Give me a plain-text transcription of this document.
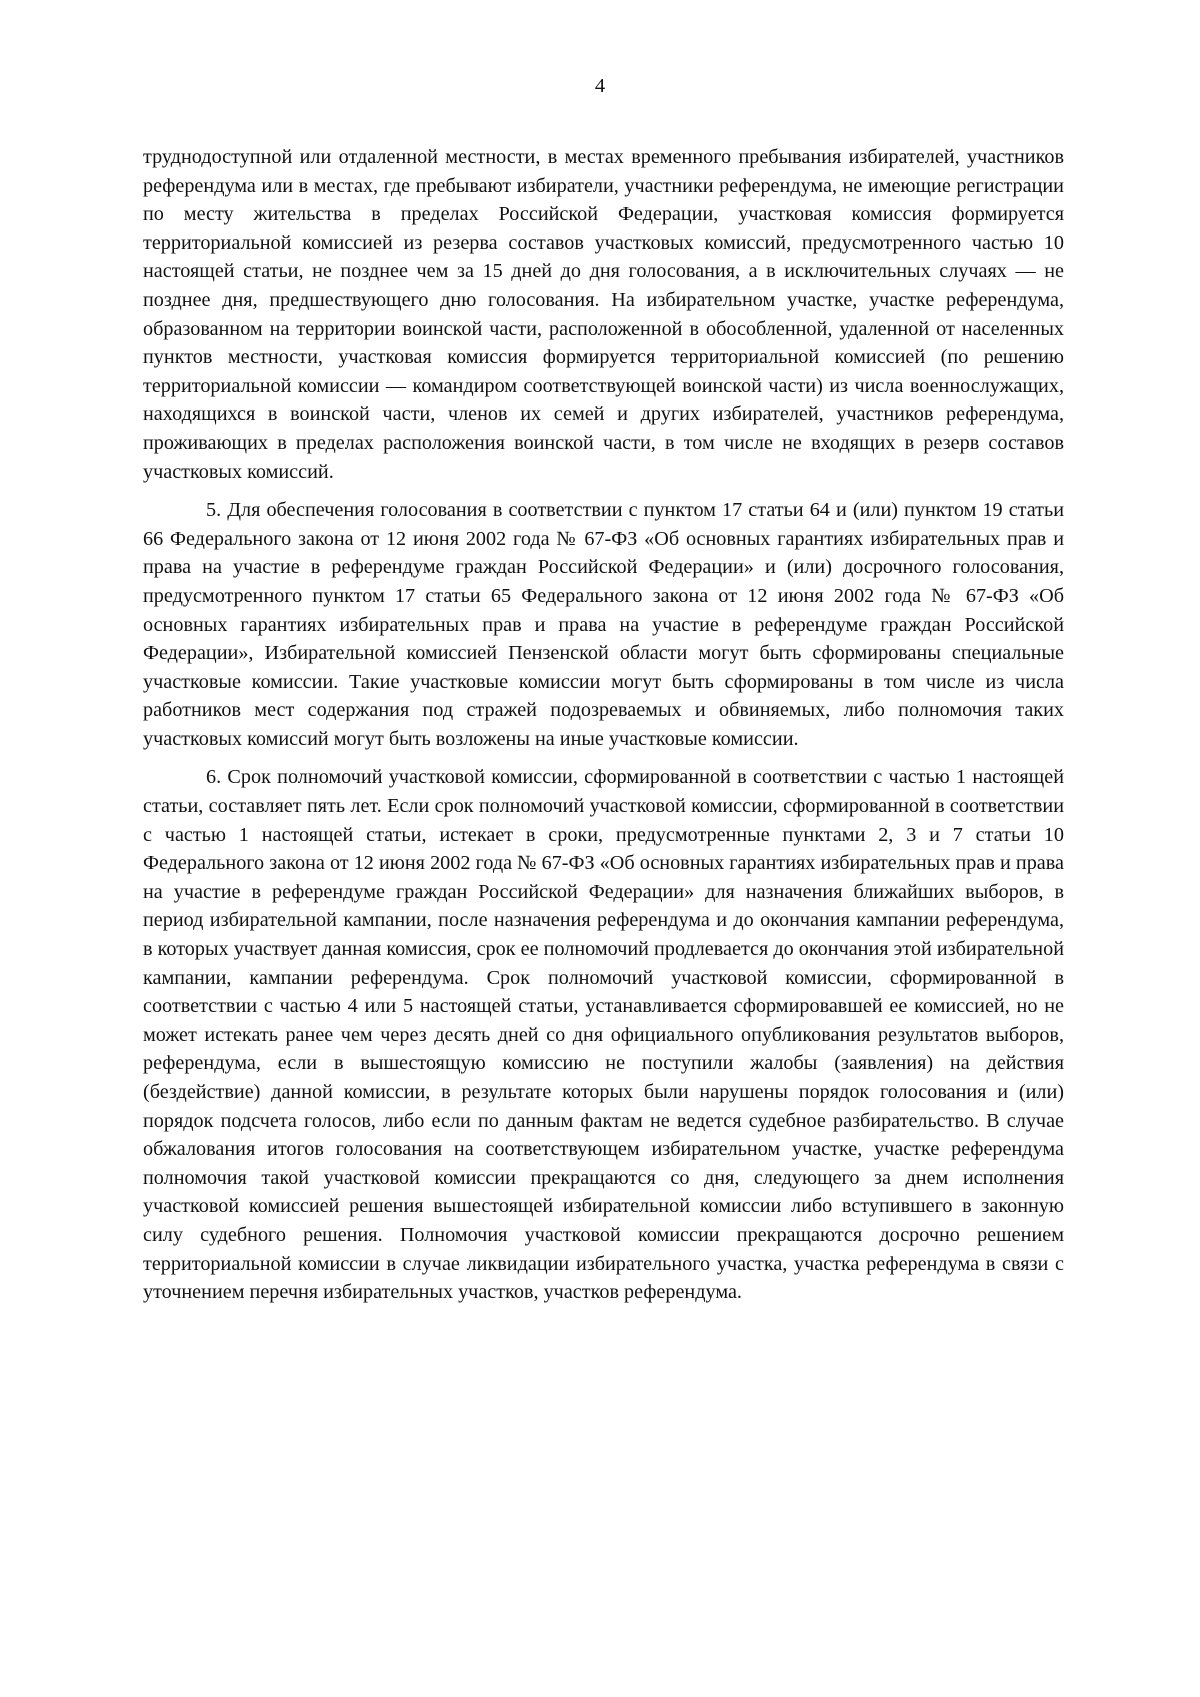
4

труднодоступной или отдаленной местности, в местах временного пребывания избирателей, участников референдума или в местах, где пребывают избиратели, участники референдума, не имеющие регистрации по месту жительства в пределах Российской Федерации, участковая комиссия формируется территориальной комиссией из резерва составов участковых комиссий, предусмотренного частью 10 настоящей статьи, не позднее чем за 15 дней до дня голосования, а в исключительных случаях — не позднее дня, предшествующего дню голосования. На избирательном участке, участке референдума, образованном на территории воинской части, расположенной в обособленной, удаленной от населенных пунктов местности, участковая комиссия формируется территориальной комиссией (по решению территориальной комиссии — командиром соответствующей воинской части) из числа военнослужащих, находящихся в воинской части, членов их семей и других избирателей, участников референдума, проживающих в пределах расположения воинской части, в том числе не входящих в резерв составов участковых комиссий.

5. Для обеспечения голосования в соответствии с пунктом 17 статьи 64 и (или) пунктом 19 статьи 66 Федерального закона от 12 июня 2002 года № 67-ФЗ «Об основных гарантиях избирательных прав и права на участие в референдуме граждан Российской Федерации» и (или) досрочного голосования, предусмотренного пунктом 17 статьи 65 Федерального закона от 12 июня 2002 года № 67-ФЗ «Об основных гарантиях избирательных прав и права на участие в референдуме граждан Российской Федерации», Избирательной комиссией Пензенской области могут быть сформированы специальные участковые комиссии. Такие участковые комиссии могут быть сформированы в том числе из числа работников мест содержания под стражей подозреваемых и обвиняемых, либо полномочия таких участковых комиссий могут быть возложены на иные участковые комиссии.

6. Срок полномочий участковой комиссии, сформированной в соответствии с частью 1 настоящей статьи, составляет пять лет. Если срок полномочий участковой комиссии, сформированной в соответствии с частью 1 настоящей статьи, истекает в сроки, предусмотренные пунктами 2, 3 и 7 статьи 10 Федерального закона от 12 июня 2002 года № 67-ФЗ «Об основных гарантиях избирательных прав и права на участие в референдуме граждан Российской Федерации» для назначения ближайших выборов, в период избирательной кампании, после назначения референдума и до окончания кампании референдума, в которых участвует данная комиссия, срок ее полномочий продлевается до окончания этой избирательной кампании, кампании референдума. Срок полномочий участковой комиссии, сформированной в соответствии с частью 4 или 5 настоящей статьи, устанавливается сформировавшей ее комиссией, но не может истекать ранее чем через десять дней со дня официального опубликования результатов выборов, референдума, если в вышестоящую комиссию не поступили жалобы (заявления) на действия (бездействие) данной комиссии, в результате которых были нарушены порядок голосования и (или) порядок подсчета голосов, либо если по данным фактам не ведется судебное разбирательство. В случае обжалования итогов голосования на соответствующем избирательном участке, участке референдума полномочия такой участковой комиссии прекращаются со дня, следующего за днем исполнения участковой комиссией решения вышестоящей избирательной комиссии либо вступившего в законную силу судебного решения. Полномочия участковой комиссии прекращаются досрочно решением территориальной комиссии в случае ликвидации избирательного участка, участка референдума в связи с уточнением перечня избирательных участков, участков референдума.
